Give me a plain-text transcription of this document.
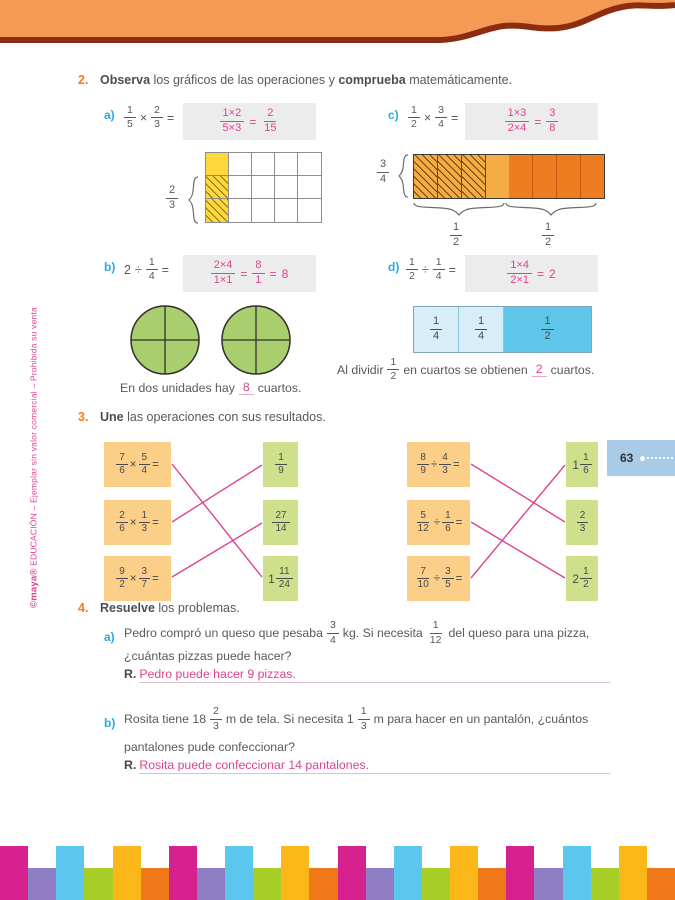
©maya® EDUCACIÓN – Ejemplar sin valor comercial – Prohibida su venta
2. Observa los gráficos de las operaciones y comprueba matemáticamente.
$a) \frac{1}{5} \times \frac{2}{3}$ =	$\frac{1\times 2}{5\times 3} = \frac{2}{15}$
$\frac{2}{3}$
$c) \frac{1}{2} \times \frac{3}{4}$ =	$\frac{1\times 3}{2\times 4} = \frac{3}{8}$
$\frac{3}{4}$
$\frac{1}{2}$	$\frac{1}{2}$
b) $2 \div \frac{1}{4}$ =	$\frac{2\times 4}{1\times 1} = \frac{8}{1} = 8$
En dos unidades hay 8 cuartos.
$d) \frac{1}{2} \div \frac{1}{4}$ =	$\frac{1\times 4}{2\times 1} = 2$
$\frac{1}{4}$	$\frac{1}{4}$	$\frac{1}{2}$
Al dividir $\frac{1}{2}$ en cuartos se obtienen 2 cuartos.
3. Une las operaciones con sus resultados.
$\frac{7}{6} \times \frac{5}{4}$ =
$\frac{2}{6} \times \frac{1}{3}$ =
$\frac{9}{2} \times \frac{3}{7}$ =
$\frac{1}{9}$
$\frac{27}{14}$
$1 \frac{11}{24}$
$\frac{8}{9} \div \frac{4}{3}$ =
$\frac{5}{12} \div \frac{1}{6}$ =
$\frac{7}{10} \div \frac{3}{5}$ =
$1 \frac{1}{6}$
$\frac{2}{3}$
$2 \frac{1}{2}$
63
4. Resuelve los problemas.
a) Pedro compró un queso que pesaba $\frac{3}{4}$ kg. Si necesita $\frac{1}{12}$ del queso para una pizza,
¿cuántas pizzas puede hacer?
R. Pedro puede hacer 9 pizzas.
b) Rosita tiene $18 \frac{2}{3}$ m de tela. Si necesita $1 \frac{1}{3}$ m para hacer en un pantalón, ¿cuántos
pantalones pude confeccionar?
R. Rosita puede confeccionar 14 pantalones.
